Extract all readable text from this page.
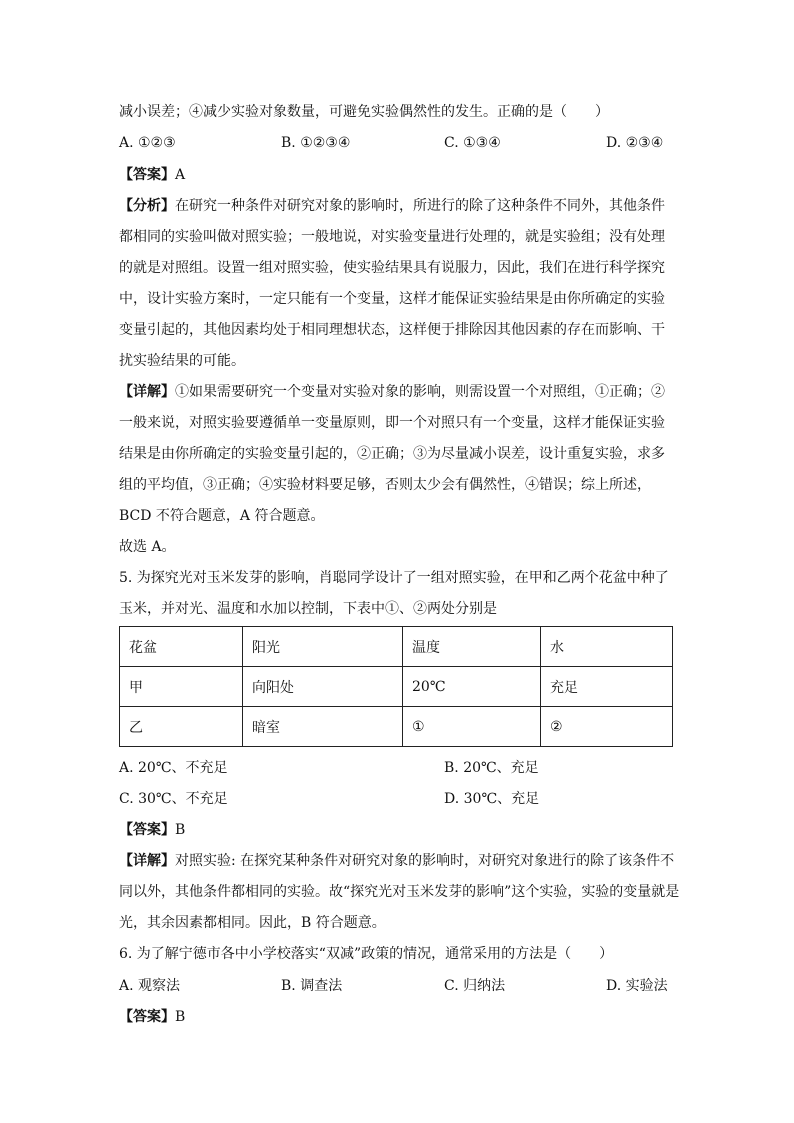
减小误差；④减少实验对象数量，可避免实验偶然性的发生。正确的是（　　）
A. ①②③	B. ①②③④	C. ①③④	D. ②③④
【答案】A
【分析】在研究一种条件对研究对象的影响时，所进行的除了这种条件不同外，其他条件
都相同的实验叫做对照实验；一般地说，对实验变量进行处理的，就是实验组；没有处理
的就是对照组。设置一组对照实验，使实验结果具有说服力，因此，我们在进行科学探究
中，设计实验方案时，一定只能有一个变量，这样才能保证实验结果是由你所确定的实验
变量引起的，其他因素均处于相同理想状态，这样便于排除因其他因素的存在而影响、干
扰实验结果的可能。
【详解】①如果需要研究一个变量对实验对象的影响，则需设置一个对照组，①正确；②
一般来说，对照实验要遵循单一变量原则，即一个对照只有一个变量，这样才能保证实验
结果是由你所确定的实验变量引起的，②正确；③为尽量减小误差，设计重复实验，求多
组的平均值，③正确；④实验材料要足够，否则太少会有偶然性，④错误；综上所述，
BCD 不符合题意，A 符合题意。
故选 A。
5. 为探究光对玉米发芽的影响，肖聪同学设计了一组对照实验，在甲和乙两个花盆中种了
玉米，并对光、温度和水加以控制，下表中①、②两处分别是
花盆	阳光	温度	水
甲	向阳处	20℃	充足
乙	暗室	①	②
A. 20℃、不充足	B. 20℃、充足
C. 30℃、不充足	D. 30℃、充足
【答案】B
【详解】对照实验: 在探究某种条件对研究对象的影响时，对研究对象进行的除了该条件不
同以外，其他条件都相同的实验。故“探究光对玉米发芽的影响”这个实验，实验的变量就是
光，其余因素都相同。因此，B 符合题意。
6. 为了解宁德市各中小学校落实“双减”政策的情况，通常采用的方法是（　　）
A. 观察法	B. 调查法	C. 归纳法	D. 实验法
【答案】B
